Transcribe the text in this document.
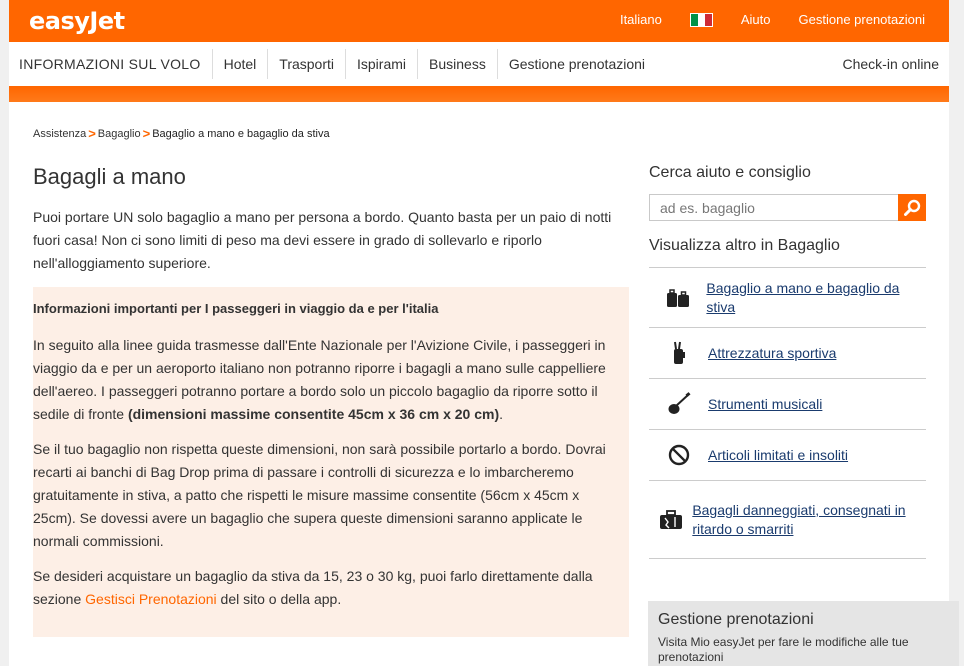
easyJet	Italiano	Aiuto Gestione prenotazioni
INFORMAZIONI SUL VOLO	Hotel	Trasporti	Ispirami	Business	Gestione prenotazioni	Check-in online
Assistenza > Bagaglio > Bagaglio a mano e bagaglio da stiva
Bagagli a mano

Puoi portare UN solo bagaglio a mano per persona a bordo. Quanto basta per un paio di notti fuori casa! Non ci sono limiti di peso ma devi essere in grado di sollevarlo e riporlo nell'alloggiamento superiore.

Informazioni importanti per I passeggeri in viaggio da e per l'italia

In seguito alla linee guida trasmesse dall'Ente Nazionale per l'Avizione Civile, i passeggeri in viaggio da e per un aeroporto italiano non potranno riporre i bagagli a mano sulle cappelliere dell'aereo. I passeggeri potranno portare a bordo solo un piccolo bagaglio da riporre sotto il sedile di fronte (dimensioni massime consentite 45cm x 36 cm x 20 cm).

Se il tuo bagaglio non rispetta queste dimensioni, non sarà possibile portarlo a bordo. Dovrai recarti ai banchi di Bag Drop prima di passare i controlli di sicurezza e lo imbarcheremo gratuitamente in stiva, a patto che rispetti le misure massime consentite (56cm x 45cm x 25cm). Se dovessi avere un bagaglio che supera queste dimensioni saranno applicate le normali commissioni.

Se desideri acquistare un bagaglio da stiva da 15, 23 o 30 kg, puoi farlo direttamente dalla sezione Gestisci Prenotazioni del sito o della app.

Cerca aiuto e consiglio
ad es. bagaglio
Visualizza altro in Bagaglio
Bagaglio a mano e bagaglio da stiva
Attrezzatura sportiva
Strumenti musicali
Articoli limitati e insoliti
Bagagli danneggiati, consegnati in ritardo o smarriti
Gestione prenotazioni

Visita Mio easyJet per fare le modifiche alle tue prenotazioni
